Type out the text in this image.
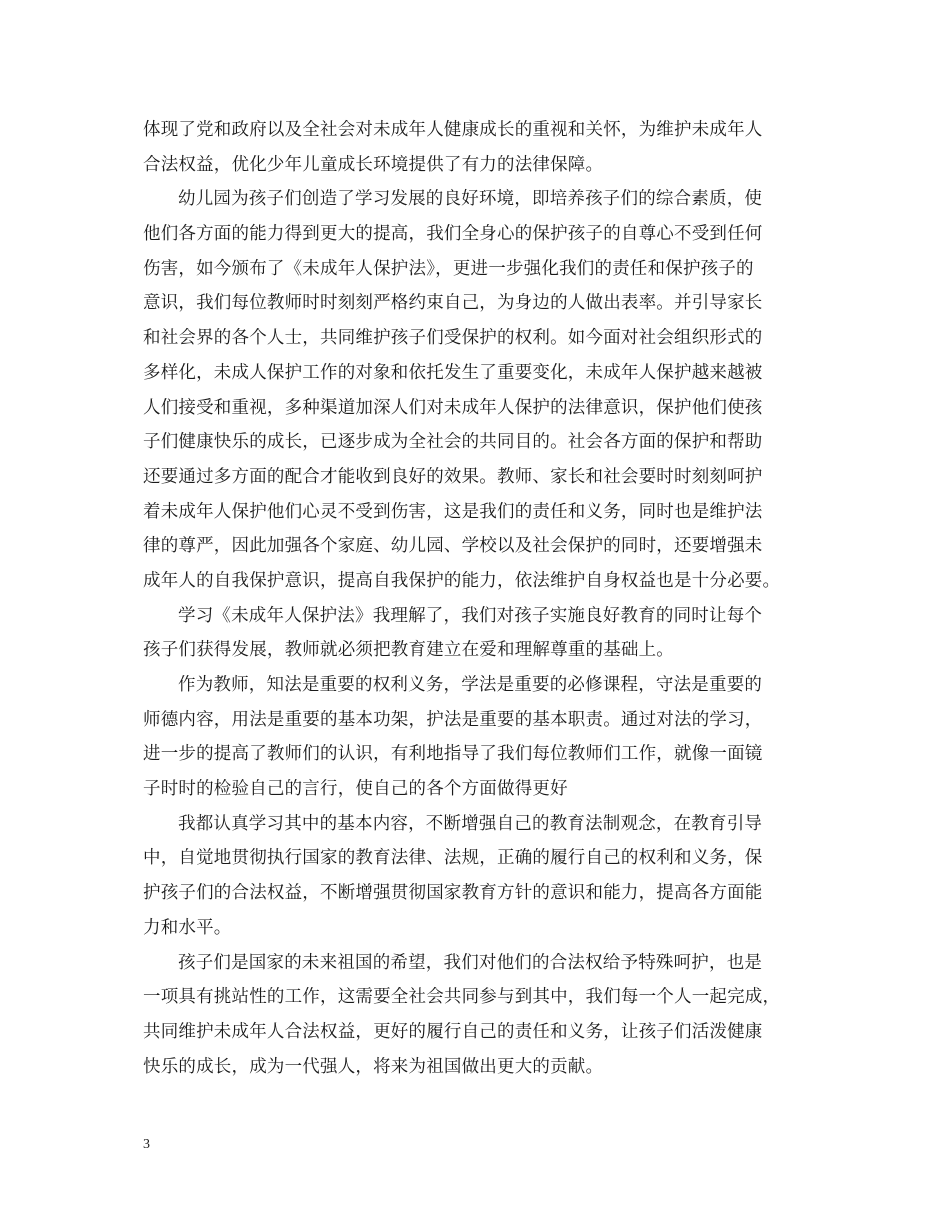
体现了党和政府以及全社会对未成年人健康成长的重视和关怀，为维护未成年人
合法权益，优化少年儿童成长环境提供了有力的法律保障。
幼儿园为孩子们创造了学习发展的良好环境，即培养孩子们的综合素质，使
他们各方面的能力得到更大的提高，我们全身心的保护孩子的自尊心不受到任何
伤害，如今颁布了《未成年人保护法》，更进一步强化我们的责任和保护孩子的
意识，我们每位教师时时刻刻严格约束自己，为身边的人做出表率。并引导家长
和社会界的各个人士，共同维护孩子们受保护的权利。如今面对社会组织形式的
多样化，未成人保护工作的对象和依托发生了重要变化，未成年人保护越来越被
人们接受和重视，多种渠道加深人们对未成年人保护的法律意识，保护他们使孩
子们健康快乐的成长，已逐步成为全社会的共同目的。社会各方面的保护和帮助
还要通过多方面的配合才能收到良好的效果。教师、家长和社会要时时刻刻呵护
着未成年人保护他们心灵不受到伤害，这是我们的责任和义务，同时也是维护法
律的尊严，因此加强各个家庭、幼儿园、学校以及社会保护的同时，还要增强未
成年人的自我保护意识，提高自我保护的能力，依法维护自身权益也是十分必要。
学习《未成年人保护法》我理解了，我们对孩子实施良好教育的同时让每个
孩子们获得发展，教师就必须把教育建立在爱和理解尊重的基础上。
作为教师，知法是重要的权利义务，学法是重要的必修课程，守法是重要的
师德内容，用法是重要的基本功架，护法是重要的基本职责。通过对法的学习，
进一步的提高了教师们的认识，有利地指导了我们每位教师们工作，就像一面镜
子时时的检验自己的言行，使自己的各个方面做得更好
我都认真学习其中的基本内容，不断增强自己的教育法制观念，在教育引导
中，自觉地贯彻执行国家的教育法律、法规，正确的履行自己的权利和义务，保
护孩子们的合法权益，不断增强贯彻国家教育方针的意识和能力，提高各方面能
力和水平。
孩子们是国家的未来祖国的希望，我们对他们的合法权给予特殊呵护，也是
一项具有挑站性的工作，这需要全社会共同参与到其中，我们每一个人一起完成，
共同维护未成年人合法权益，更好的履行自己的责任和义务，让孩子们活泼健康
快乐的成长，成为一代强人，将来为祖国做出更大的贡献。
3
